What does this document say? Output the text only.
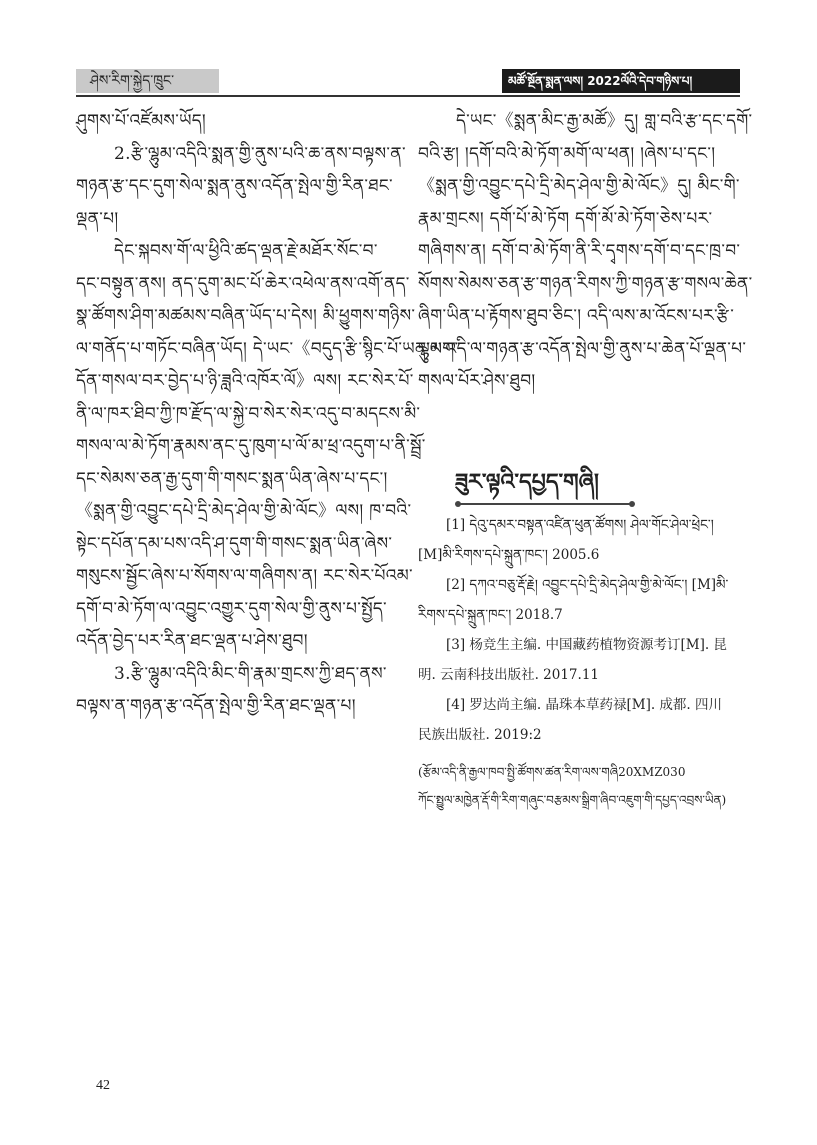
ཤེས་རིག་སྐྱེད་ཁྲུང་	མཚོ་སྔོན་སྨན་ལས། 2022ལོའི་དེབ་གཉིས་པ།
ཤུགས་པོ་འཛོམས་ཡོད།
2.རྩི་ལྷུམ་འདིའི་སྨན་གྱི་ནུས་པའི་ཆ་ནས་བལྟས་ན་
གཉན་རྩ་དང་དུག་སེལ་སྨན་ནུས་འདོན་སྤེལ་གྱི་རིན་ཐང་
ལྡན་པ།
དེང་སྐབས་གོ་ལ་ཕྱིའི་ཚད་ལྡན་རྗེ་མཐོར་སོང་བ་
དང་བསྟུན་ནས། ནད་དུག་མང་པོ་ཆེར་འཕེལ་ནས་འགོ་ནད་
སྣ་ཚོགས་ཤིག་མཚམས་བཞིན་ཡོད་པ་དེས། མི་ཕྱུགས་གཉིས་
ལ་གནོད་པ་གཏོང་བཞིན་ཡོད། དེ་ཡང་《བདུད་རྩི་སྙིང་པོ་ཡན་ལག་
དོན་གསལ་བར་བྱེད་པ་ཉི་ཟླའི་འཁོར་ལོ》ལས། རང་སེར་པོ་
ནི་ལ་ཁར་ཐིབ་ཀྱི་ཁ་རྫོད་ལ་སྐྱེ་བ་སེར་སེར་འདུ་བ་མདངས་མི་
གསལ་ལ་མེ་ཏོག་རྣམས་ནང་དུ་ཁུག་པ་ལོ་མ་ཕྲ་འདུག་པ་ནི་སྦྲོ་
དང་སེམས་ཅན་རྒྱ་དུག་གི་གསང་སྨན་ཡིན་ཞེས་པ་དང་།
《སྨན་གྱི་འབྱུང་དཔེ་དྲི་མེད་ཤེལ་གྱི་མེ་ལོང》ལས། ཁ་བའི་
སྟེང་དཔོན་དམ་པས་འདི་ཤ་དུག་གི་གསང་སྨན་ཡིན་ཞེས་
གསུངས་སྦྱོང་ཞེས་པ་སོགས་ལ་གཞིགས་ན། རང་སེར་པོའམ་
དགོ་བ་མེ་ཏོག་ལ་འབྱུང་འགྱུར་དུག་སེལ་གྱི་ནུས་པ་སྤྱོད་
འདོན་བྱེད་པར་རིན་ཐང་ལྡན་པ་ཤེས་ཐུབ།
3.རྩི་ལྷུམ་འདིའི་མིང་གི་རྣམ་གྲངས་ཀྱི་ཐད་ནས་
བལྟས་ན་གཉན་རྩ་འདོན་སྤེལ་གྱི་རིན་ཐང་ལྡན་པ།
དེ་ཡང་《སྨན་མིང་རྒྱ་མཚོ》དུ། གླ་བའི་རྩ་དང་དགོ་
བའི་རྩ། །དགོ་བའི་མེ་ཏོག་མགོ་ལ་ཕན། །ཞེས་པ་དང་།
《སྨན་གྱི་འབྱུང་དཔེ་དྲི་མེད་ཤེལ་གྱི་མེ་ལོང》དུ། མིང་གི་
རྣམ་གྲངས། དགོ་པོ་མེ་ཏོག དགོ་མོ་མེ་ཏོག་ཅེས་པར་
གཞིགས་ན། དགོ་བ་མེ་ཏོག་ནི་རི་དྭགས་དགོ་བ་དང་ཁྲ་བ་
སོགས་སེམས་ཅན་རྩ་གཉན་རིགས་ཀྱི་གཉན་རྩ་གསལ་ཆེན་
ཞིག་ཡིན་པ་རྟོགས་ཐུབ་ཅིང་། འདི་ལས་མ་འོངས་པར་རྩི་
ལྷུམ་འདི་ལ་གཉན་རྩ་འདོན་སྤེལ་གྱི་ནུས་པ་ཆེན་པོ་ལྡན་པ་
གསལ་པོར་ཤེས་ཐུབ།
ཟུར་ལྟའི་དཔྱད་གཞི།
[1] དེའུ་དམར་བསྟན་འཛིན་ཕུན་ཚོགས། ཤེལ་གོང་ཤེལ་ཕྲེང་།
[M]མི་རིགས་དཔེ་སྐྲུན་ཁང་། 2005.6
[2] དཀའ་བཅུ་རྡོ་རྗེ། འབྱུང་དཔེ་དྲི་མེད་ཤེལ་གྱི་མེ་ལོང་། [M]མི་
རིགས་དཔེ་སྐྲུན་ཁང་། 2018.7
[3] 杨竞生主编. 中国藏药植物资源考订[M]. 昆
明. 云南科技出版社. 2017.11
[4] 罗达尚主编. 晶珠本草药禄[M]. 成都. 四川
民族出版社. 2019:2
(རྩོམ་འདི་ནི་རྒྱལ་ཁབ་སྤྱི་ཚོགས་ཚན་རིག་ལས་གཞི20XMZ030
ཀོང་སྤྱུལ་མཁྱེན་རྡོ་གི་རིག་གཞུང་བརྩམས་སྒྲིག་ཞིབ་འཇུག་གི་དཔྱད་འབྲས་ཡིན)
42
